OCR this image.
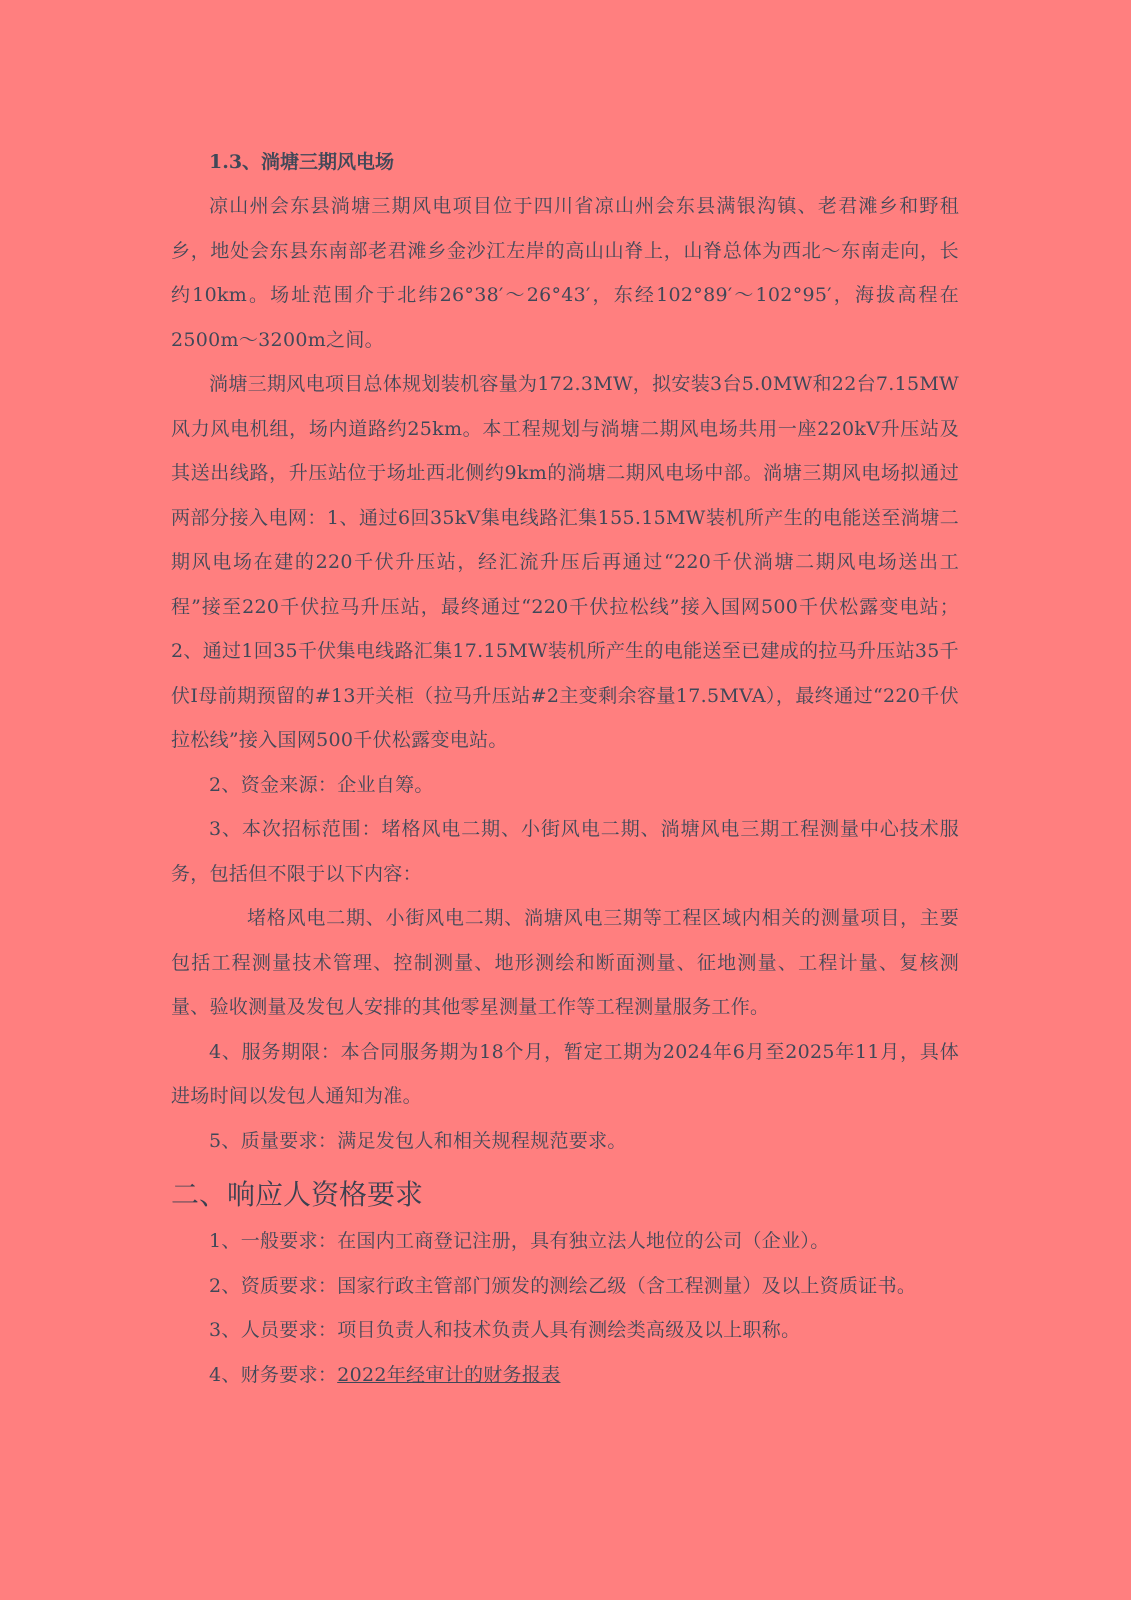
1.3、淌塘三期风电场

凉山州会东县淌塘三期风电项目位于四川省凉山州会东县满银沟镇、老君滩乡和野租乡，地处会东县东南部老君滩乡金沙江左岸的高山山脊上，山脊总体为西北～东南走向，长约10km。场址范围介于北纬26°38′～26°43′，东经102°89′～102°95′，海拔高程在2500m～3200m之间。

淌塘三期风电项目总体规划装机容量为172.3MW，拟安装3台5.0MW和22台7.15MW风力风电机组，场内道路约25km。本工程规划与淌塘二期风电场共用一座220kV升压站及其送出线路，升压站位于场址西北侧约9km的淌塘二期风电场中部。淌塘三期风电场拟通过两部分接入电网：1、通过6回35kV集电线路汇集155.15MW装机所产生的电能送至淌塘二期风电场在建的220千伏升压站，经汇流升压后再通过“220千伏淌塘二期风电场送出工程”接至220千伏拉马升压站，最终通过“220千伏拉松线”接入国网500千伏松露变电站；2、通过1回35千伏集电线路汇集17.15MW装机所产生的电能送至已建成的拉马升压站35千伏Ⅰ母前期预留的#13开关柜（拉马升压站#2主变剩余容量17.5MVA），最终通过“220千伏拉松线”接入国网500千伏松露变电站。

2、资金来源：企业自筹。

3、本次招标范围：堵格风电二期、小街风电二期、淌塘风电三期工程测量中心技术服务，包括但不限于以下内容：

堵格风电二期、小街风电二期、淌塘风电三期等工程区域内相关的测量项目，主要包括工程测量技术管理、控制测量、地形测绘和断面测量、征地测量、工程计量、复核测量、验收测量及发包人安排的其他零星测量工作等工程测量服务工作。

4、服务期限：本合同服务期为18个月，暂定工期为2024年6月至2025年11月，具体进场时间以发包人通知为准。

5、质量要求：满足发包人和相关规程规范要求。

二、响应人资格要求

1、一般要求：在国内工商登记注册，具有独立法人地位的公司（企业）。

2、资质要求：国家行政主管部门颁发的测绘乙级（含工程测量）及以上资质证书。

3、人员要求：项目负责人和技术负责人具有测绘类高级及以上职称。

4、财务要求：2022年经审计的财务报表
